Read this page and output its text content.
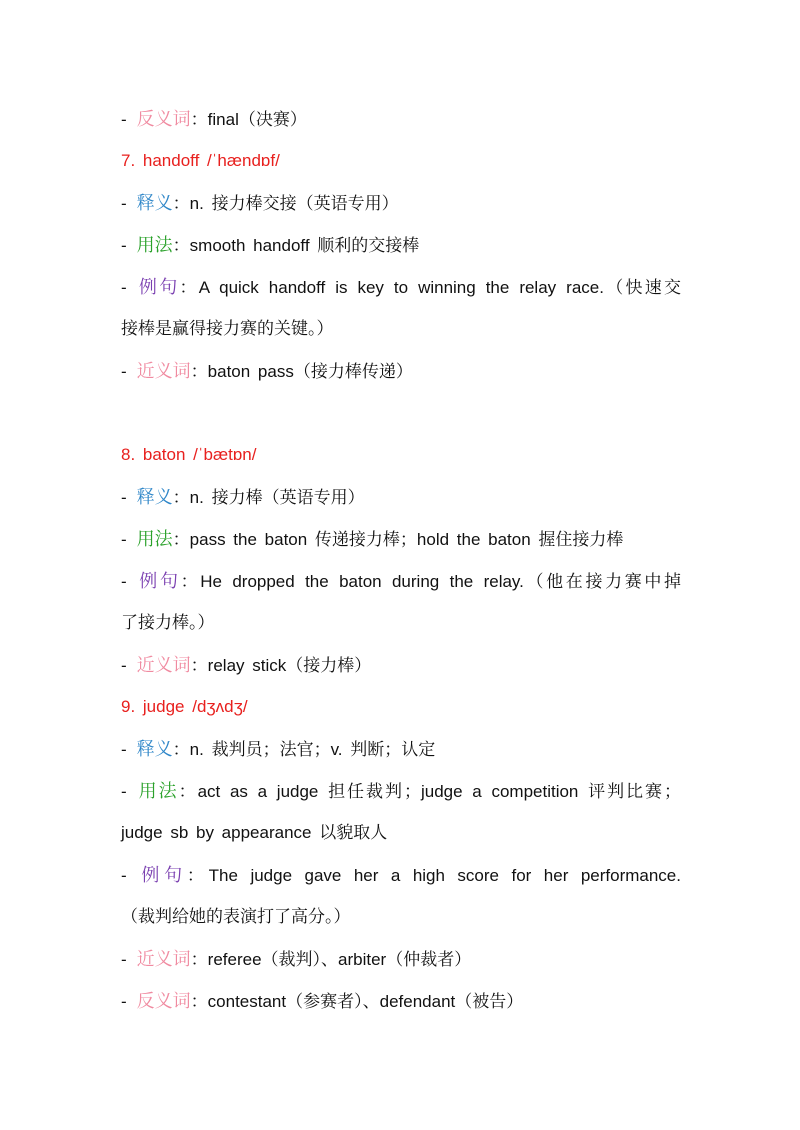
- 反义词：final（决赛）
7. handoff /ˈhændɒf/
- 释义：n. 接力棒交接（英语专用）
- 用法：smooth handoff 顺利的交接棒
- 例句：A quick handoff is key to winning the relay race.（快速交
接棒是赢得接力赛的关键。）
- 近义词：baton pass（接力棒传递）
8. baton /ˈbætɒn/
- 释义：n. 接力棒（英语专用）
- 用法：pass the baton 传递接力棒；hold the baton 握住接力棒
- 例句：He dropped the baton during the relay.（他在接力赛中掉
了接力棒。）
- 近义词：relay stick（接力棒）
9. judge /dʒʌdʒ/
- 释义：n. 裁判员；法官；v. 判断；认定
- 用法：act as a judge 担任裁判；judge a competition 评判比赛；
judge sb by appearance 以貌取人
- 例句：The judge gave her a high score for her performance.
（裁判给她的表演打了高分。）
- 近义词：referee（裁判）、arbiter（仲裁者）
- 反义词：contestant（参赛者）、defendant（被告）
